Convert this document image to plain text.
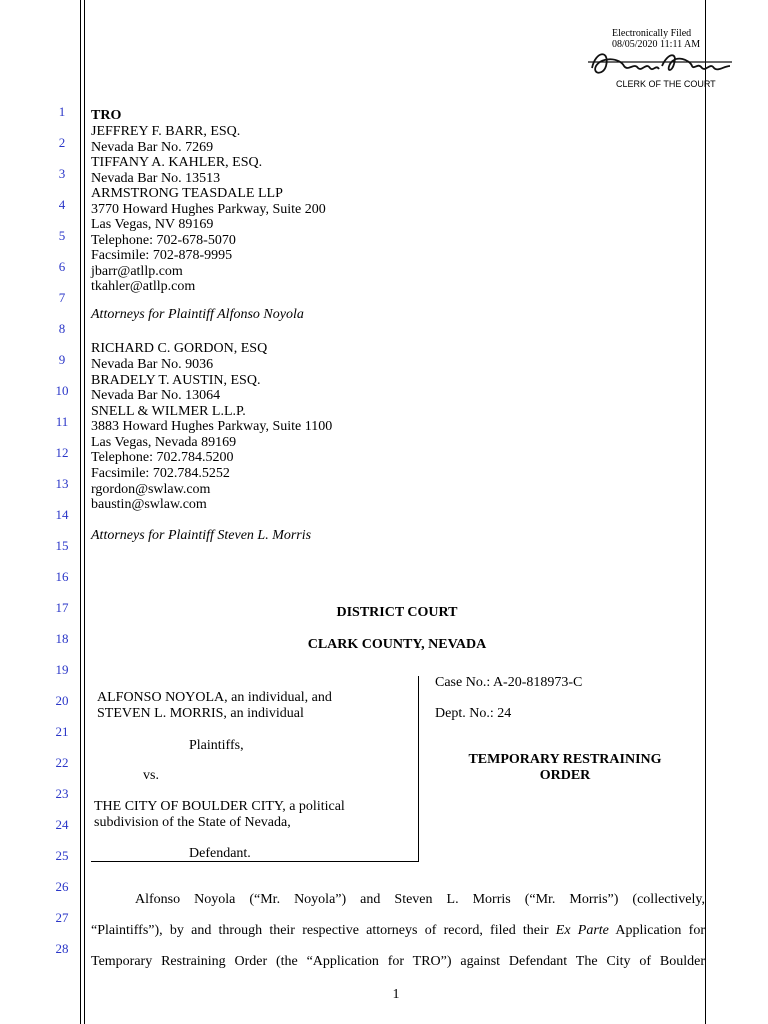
Electronically Filed
08/05/2020 11:11 AM
CLERK OF THE COURT
1
2
3
4
5
6
7
8
9
10
11
12
13
14
15
16
17
18
19
20
21
22
23
24
25
26
27
28
TRO
JEFFREY F. BARR, ESQ.
Nevada Bar No. 7269
TIFFANY A. KAHLER, ESQ.
Nevada Bar No. 13513
ARMSTRONG TEASDALE LLP
3770 Howard Hughes Parkway, Suite 200
Las Vegas, NV 89169
Telephone: 702-678-5070
Facsimile: 702-878-9995
jbarr@atllp.com
tkahler@atllp.com
Attorneys for Plaintiff Alfonso Noyola
RICHARD C. GORDON, ESQ
Nevada Bar No. 9036
BRADELY T. AUSTIN, ESQ.
Nevada Bar No. 13064
SNELL & WILMER L.L.P.
3883 Howard Hughes Parkway, Suite 1100
Las Vegas, Nevada 89169
Telephone: 702.784.5200
Facsimile: 702.784.5252
rgordon@swlaw.com
baustin@swlaw.com
Attorneys for Plaintiff Steven L. Morris
DISTRICT COURT
CLARK COUNTY, NEVADA
ALFONSO NOYOLA, an individual, and
STEVEN L. MORRIS, an individual
Plaintiffs,
vs.
THE CITY OF BOULDER CITY, a political
subdivision of the State of Nevada,
Defendant.
Case No.: A-20-818973-C
Dept. No.: 24
TEMPORARY RESTRAINING
ORDER
Alfonso Noyola (“Mr. Noyola”) and Steven L. Morris (“Mr. Morris”) (collectively,
“Plaintiffs”), by and through their respective attorneys of record, filed their Ex Parte Application for
Temporary Restraining Order (the “Application for TRO”) against Defendant The City of Boulder
1
